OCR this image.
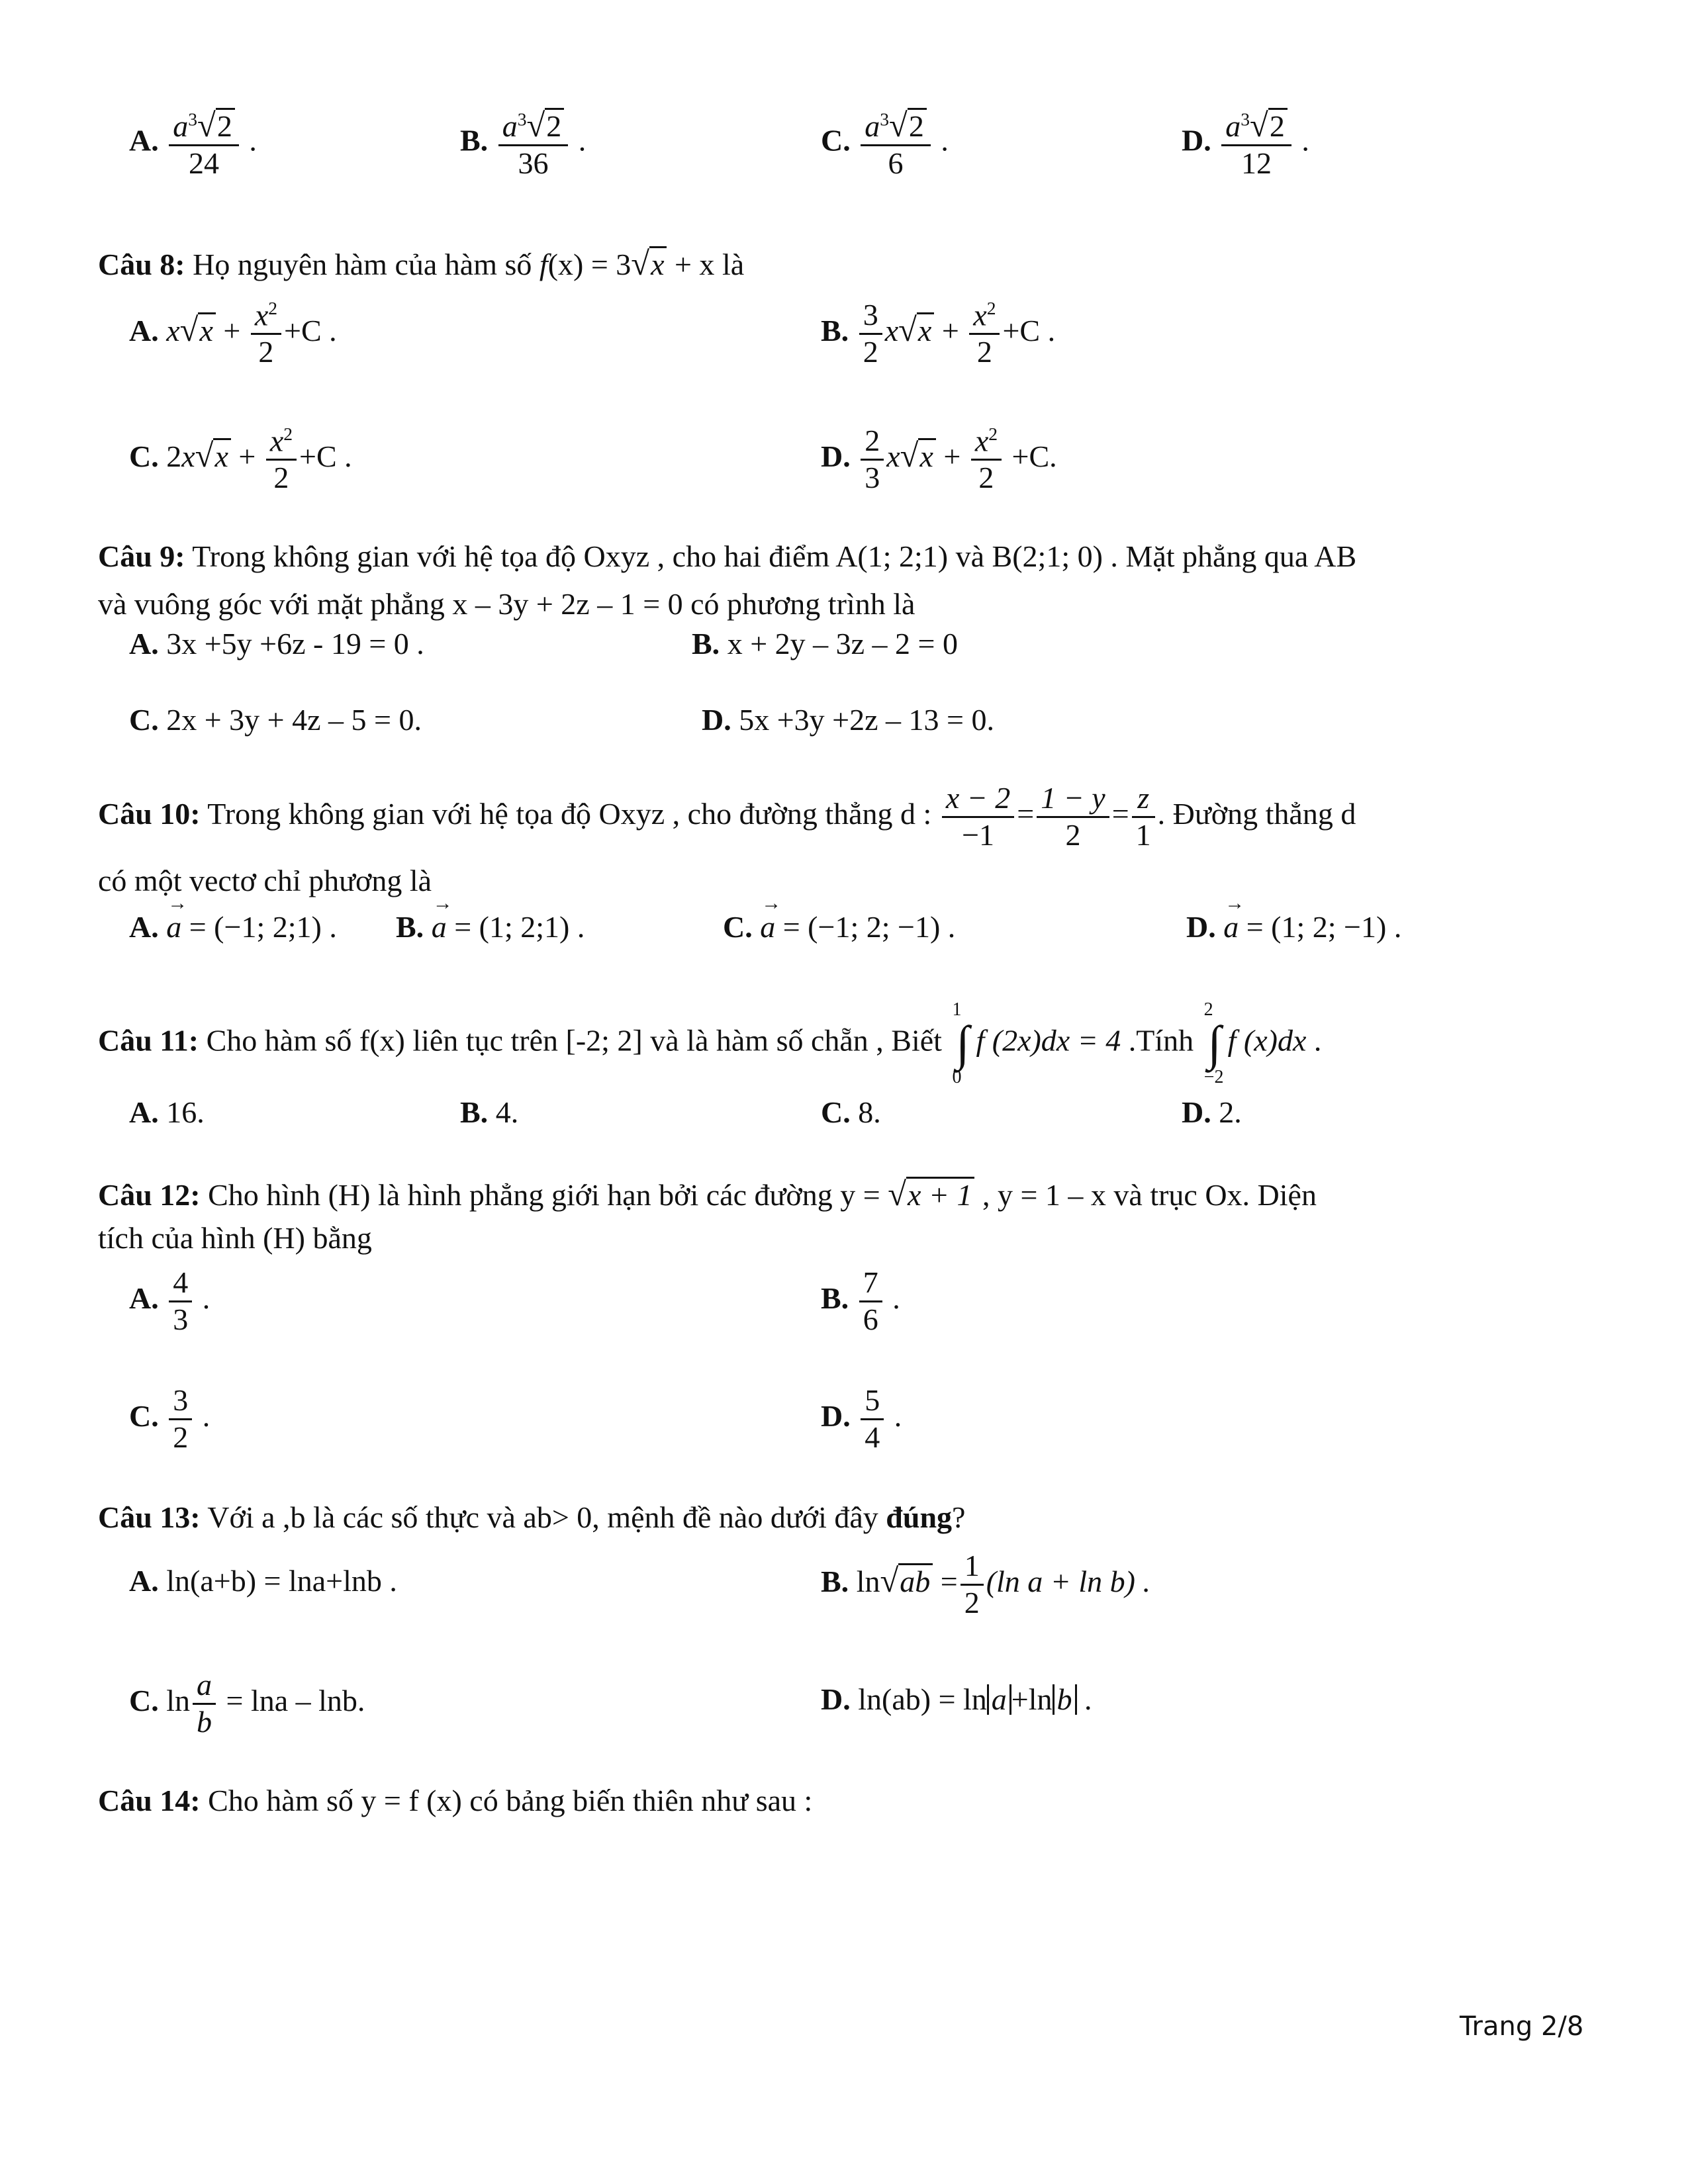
A. $\frac{a^3√2}{24}$ .	B. $\frac{a^3√2}{36}$ .	C. $\frac{a^3√2}{6}$ .	D. $\frac{a^3√2}{12}$ .
Câu 8: Họ nguyên hàm của hàm số f(x) = 3√x + x là
A. $x√x + \frac{x^2}{2} +C$ .	B. $\frac{3}{2} x√x + \frac{x^2}{2} +C$ .
C. $2x√x + \frac{x^2}{2} +C$ .	D. $\frac{2}{3} x√x + \frac{x^2}{2} +C$.
Câu 9: Trong không gian với hệ tọa độ Oxyz , cho hai điểm A(1; 2;1) và B(2;1; 0) . Mặt phẳng qua AB
và vuông góc với mặt phẳng x – 3y + 2z – 1 = 0 có phương trình là
A. 3x +5y +6z - 19 = 0 .	B. x + 2y – 3z – 2 = 0
C. 2x + 3y + 4z – 5 = 0.	D. 5x +3y +2z – 13 = 0.
Câu 10: Trong không gian với hệ tọa độ Oxyz , cho đường thẳng d : $\frac{x - 2}{-1} = \frac{1 - y}{2} = \frac{z}{1}$ . Đường thẳng d
có một vectơ chỉ phương là
A. → a = (−1; 2;1) . B. → a = (1; 2;1) .	C. → a = (−1; 2; −1) .	D. → a = (1; 2; −1) .
Câu 11: Cho hàm số f(x) liên tục trên [-2; 2] và là hàm số chẵn , Biết
1
∫
0
f (2x)dx = 4 .Tính
2
∫
−2
f (x)dx .
A. 16.	B. 4.	C. 8.	D. 2.
Câu 12: Cho hình (H) là hình phẳng giới hạn bởi các đường y = √x + 1 , y = 1 – x và trục Ox. Diện
tích của hình (H) bằng
A. $\frac{4}{3}$ .	B. $\frac{7}{6}$ .
C. $\frac{3}{2}$ .	D. $\frac{5}{4}$ .
Câu 13: Với a ,b là các số thực và ab> 0, mệnh đề nào dưới đây đúng?
A. ln(a+b) = lna+lnb .	B. $\ln√ab = \frac{1}{2} (\ln$ a + ln b) .
C. $\ln \frac{a}{b} = \ln a - \ln b$.	D. ln(ab) = ln a +ln b .
Câu 14: Cho hàm số y = f (x) có bảng biến thiên như sau :
Trang 2/8
